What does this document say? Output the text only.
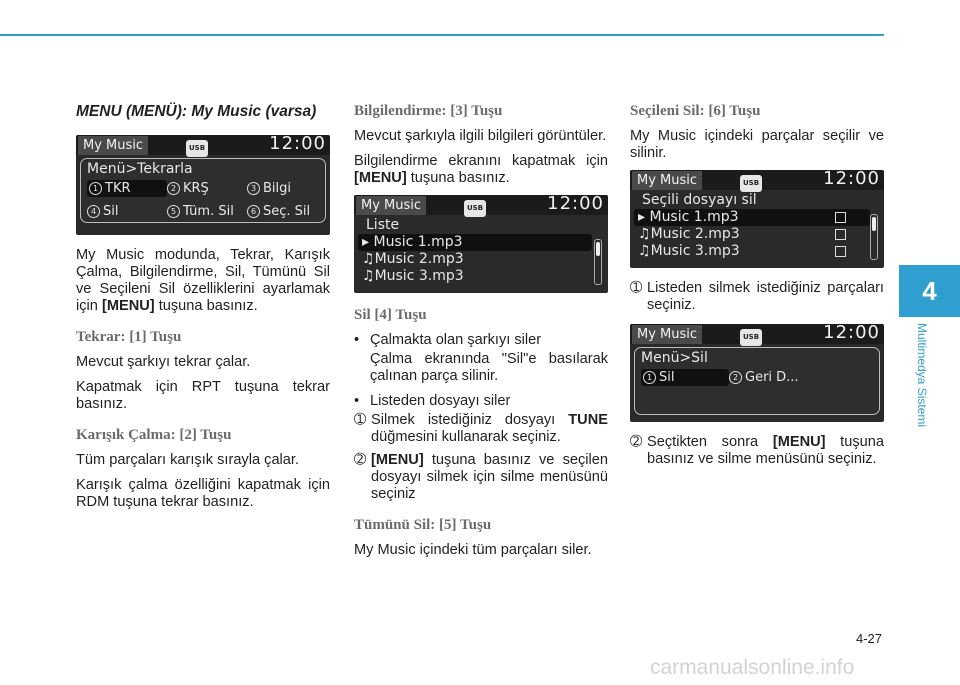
MENU (MENÜ): My Music (varsa)
My Music	USB	12:00
Menü>Tekrarla
1 TKR	2 KRŞ	3 Bilgi
4 Sil	5 Tüm. Sil	6 Seç. Sil

My Music modunda, Tekrar, Karışık Çalma, Bilgilendirme, Sil, Tümünü Sil ve Seçileni Sil özelliklerini ayarlamak için [MENU] tuşuna basınız.

Tekrar: [1] Tuşu

Mevcut şarkıyı tekrar çalar.

Kapatmak için RPT tuşuna tekrar basınız.

Karışık Çalma: [2] Tuşu

Tüm parçaları karışık sırayla çalar.

Karışık çalma özelliğini kapatmak için RDM tuşuna tekrar basınız.

Bilgilendirme: [3] Tuşu

Mevcut şarkıyla ilgili bilgileri görüntüler.

Bilgilendirme ekranını kapatmak için [MENU] tuşuna basınız.

My Music	USB	12:00
Liste
▸ Music 1.mp3
♫ Music 2.mp3
♫ Music 3.mp3
Sil [4] Tuşu
• Çalmakta olan şarkıyı siler

Çalma ekranında "Sil"e basılarak çalınan parça silinir.

• Listeden dosyayı siler
➀ Silmek istediğiniz dosyayı TUNE düğmesini kullanarak seçiniz.
➁ [MENU] tuşuna basınız ve seçilen dosyayı silmek için silme menüsünü seçiniz
Tümünü Sil: [5] Tuşu

My Music içindeki tüm parçaları siler.

Seçileni Sil: [6] Tuşu

My Music içindeki parçalar seçilir ve silinir.

My Music	USB	12:00
Seçili dosyayı sil
▸ Music 1.mp3
♫ Music 2.mp3
♫ Music 3.mp3
➀ Listeden silmek istediğiniz parçaları seçiniz.
My Music	USB	12:00
Menü>Sil
1 Sil	2 Geri D...
➁ Seçtikten sonra [MENU] tuşuna basınız ve silme menüsünü seçiniz.
4
Multimedya Sistemi
4-27
carmanualsonline.info
